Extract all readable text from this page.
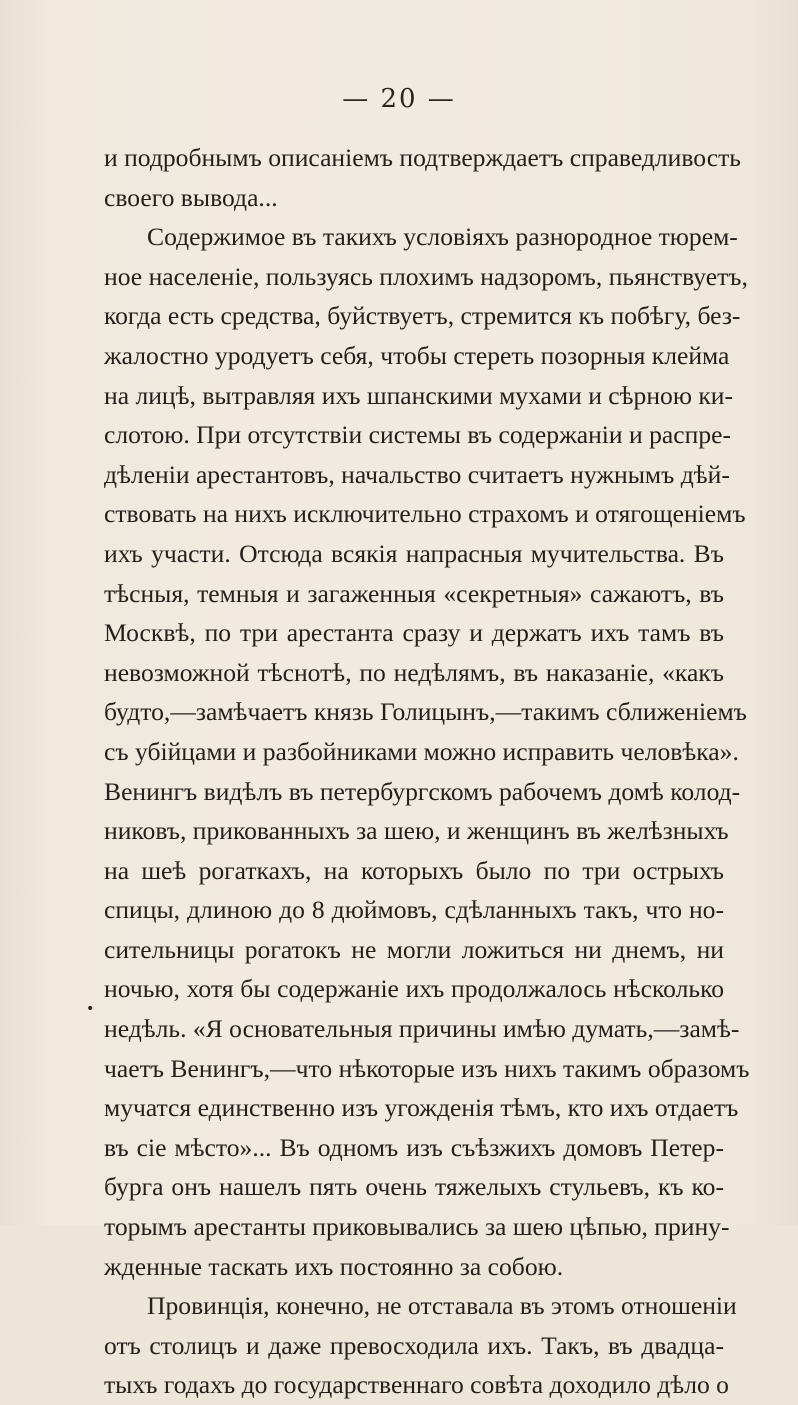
— 20 —
•
и подробнымъ описанiемъ подтверждаетъ справедливость
своего вывода...
Содержимое въ такихъ условiяхъ разнородное тюрем-
ное населенiе, пользуясь плохимъ надзоромъ, пьянствуетъ,
когда есть средства, буйствуетъ, стремится къ побѣгу, без-
жалостно уродуетъ себя, чтобы стереть позорныя клейма
на лицѣ, вытравляя ихъ шпанскими мухами и сѣрною ки-
слотою. При отсутствiи системы въ содержанiи и распре-
дѣленiи арестантовъ, начальство считаетъ нужнымъ дѣй-
ствовать на нихъ исключительно страхомъ и отягощенiемъ
ихъ участи. Отсюда всякiя напрасныя мучительства. Въ
тѣсныя, темныя и загаженныя «секретныя» сажаютъ, въ
Москвѣ, по три арестанта сразу и держатъ ихъ тамъ въ
невозможной тѣснотѣ, по недѣлямъ, въ наказанiе, «какъ
будто,—замѣчаетъ князь Голицынъ,—такимъ сближенiемъ
съ убiйцами и разбойниками можно исправить человѣка».
Венингъ видѣлъ въ петербургскомъ рабочемъ домѣ колод-
никовъ, прикованныхъ за шею, и женщинъ въ желѣзныхъ
на шеѣ рогаткахъ, на которыхъ было по три острыхъ
спицы, длиною до 8 дюймовъ, сдѣланныхъ такъ, что но-
сительницы рогатокъ не могли ложиться ни днемъ, ни
ночью, хотя бы содержанiе ихъ продолжалось нѣсколько
недѣль. «Я основательныя причины имѣю думать,—замѣ-
чаетъ Венингъ,—что нѣкоторые изъ нихъ такимъ образомъ
мучатся единственно изъ угожденiя тѣмъ, кто ихъ отдаетъ
въ сiе мѣсто»... Въ одномъ изъ съѣзжихъ домовъ Петер-
бурга онъ нашелъ пять очень тяжелыхъ стульевъ, къ ко-
торымъ арестанты приковывались за шею цѣпью, прину-
жденные таскать ихъ постоянно за собою.
Провинцiя, конечно, не отставала въ этомъ отношенiи
отъ столицъ и даже превосходила ихъ. Такъ, въ двадца-
тыхъ годахъ до государственнаго совѣта доходило дѣло о
